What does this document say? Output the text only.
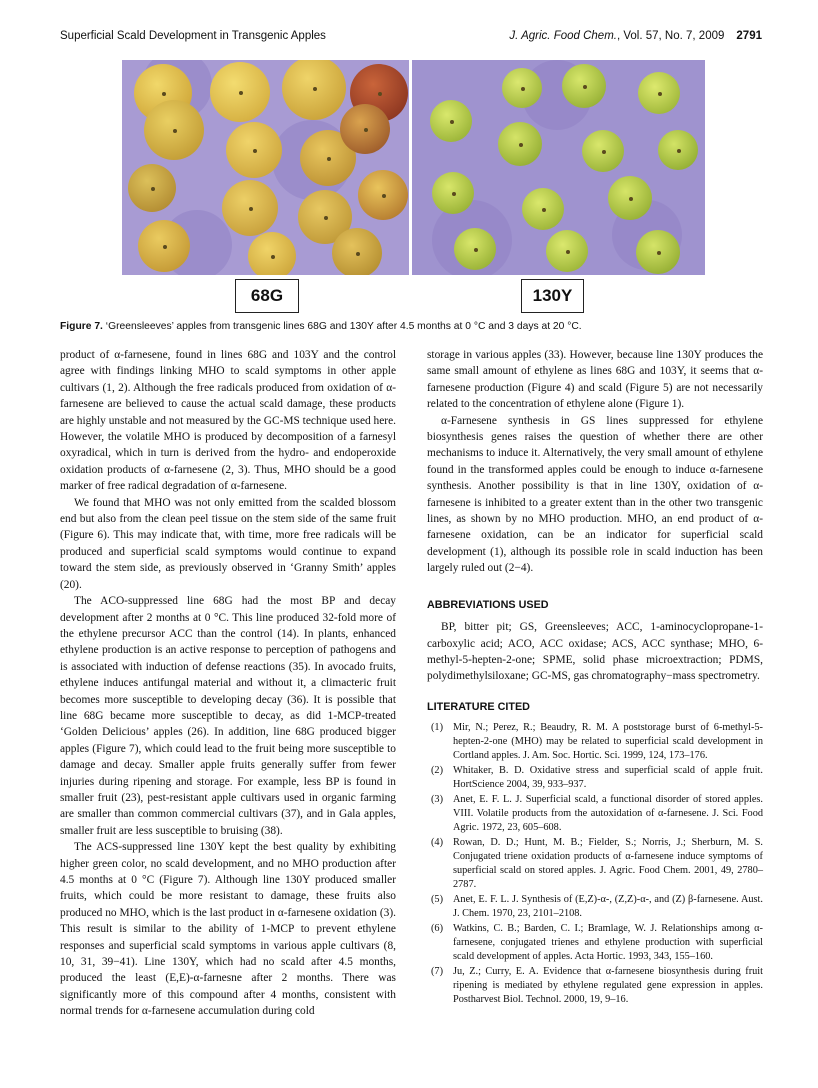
Superficial Scald Development in Transgenic Apples	J. Agric. Food Chem., Vol. 57, No. 7, 2009 2791
68G	130Y
Figure 7. ‘Greensleeves’ apples from transgenic lines 68G and 130Y after 4.5 months at 0 °C and 3 days at 20 °C.

product of α-farnesene, found in lines 68G and 103Y and the control agree with findings linking MHO to scald symptoms in other apple cultivars (1, 2). Although the free radicals produced from oxidation of α-farnesene are believed to cause the actual scald damage, these products are highly unstable and not measured by the GC-MS technique used here. However, the volatile MHO is produced by decomposition of a farnesyl oxyradical, which in turn is derived from the hydro- and endoperoxide oxidation products of α-farnesene (2, 3). Thus, MHO should be a good marker of free radical degradation of α-farnesene.

We found that MHO was not only emitted from the scalded blossom end but also from the clean peel tissue on the stem side of the same fruit (Figure 6). This may indicate that, with time, more free radicals will be produced and superficial scald symptoms would continue to expand toward the stem side, as previously observed in ‘Granny Smith’ apples (20).

The ACO-suppressed line 68G had the most BP and decay development after 2 months at 0 °C. This line produced 32-fold more of the ethylene precursor ACC than the control (14). In plants, enhanced ethylene production is an active response to perception of pathogens and is associated with induction of defense reactions (35). In avocado fruits, ethylene induces antifungal material and without it, a climacteric fruit becomes more susceptible to developing decay (36). It is possible that line 68G became more susceptible to decay, as did 1-MCP-treated ‘Golden Delicious’ apples (26). In addition, line 68G produced bigger apples (Figure 7), which could lead to the fruit being more susceptible to damage and decay. Smaller apple fruits generally suffer from fewer injuries during ripening and storage. For example, less BP is found in smaller fruit (23), pest-resistant apple cultivars used in organic farming are smaller than common commercial cultivars (37), and in Gala apples, smaller fruit are less susceptible to bruising (38).

The ACS-suppressed line 130Y kept the best quality by exhibiting higher green color, no scald development, and no MHO production after 4.5 months at 0 °C (Figure 7). Although line 130Y produced smaller fruits, which could be more resistant to damage, these fruits also produced no MHO, which is the last product in α-farnesene oxidation (3). This result is similar to the ability of 1-MCP to prevent ethylene responses and superficial scald symptoms in various apple cultivars (8, 10, 31, 39−41). Line 130Y, which had no scald after 4.5 months, produced the least (E,E)-α-farnesne after 2 months. There was significantly more of this compound after 4 months, consistent with normal trends for α-farnesene accumulation during cold

storage in various apples (33). However, because line 130Y produces the same small amount of ethylene as lines 68G and 103Y, it seems that α-farnesene production (Figure 4) and scald (Figure 5) are not necessarily related to the concentration of ethylene alone (Figure 1).

α-Farnesene synthesis in GS lines suppressed for ethylene biosynthesis genes raises the question of whether there are other mechanisms to induce it. Alternatively, the very small amount of ethylene found in the transformed apples could be enough to induce α-farnesene synthesis. Another possibility is that in line 130Y, oxidation of α-farnesene is inhibited to a greater extent than in the other two transgenic lines, as shown by no MHO production. MHO, an end product of α-farnesene oxidation, can be an indicator for superficial scald development (1), although its possible role in scald induction has been largely ruled out (2−4).

ABBREVIATIONS USED

BP, bitter pit; GS, Greensleeves; ACC, 1-aminocyclopropane-1-carboxylic acid; ACO, ACC oxidase; ACS, ACC synthase; MHO, 6-methyl-5-hepten-2-one; SPME, solid phase microextraction; PDMS, polydimethylsiloxane; GC-MS, gas chromatography−mass spectrometry.

LITERATURE CITED
(1) Mir, N.; Perez, R.; Beaudry, R. M. A poststorage burst of 6-methyl-5-hepten-2-one (MHO) may be related to superficial scald development in Cortland apples. J. Am. Soc. Hortic. Sci. 1999, 124, 173–176.
(2) Whitaker, B. D. Oxidative stress and superficial scald of apple fruit. HortScience 2004, 39, 933–937.
(3) Anet, E. F. L. J. Superficial scald, a functional disorder of stored apples. VIII. Volatile products from the autoxidation of α-farnesene. J. Sci. Food Agric. 1972, 23, 605–608.
(4) Rowan, D. D.; Hunt, M. B.; Fielder, S.; Norris, J.; Sherburn, M. S. Conjugated triene oxidation products of α-farnesene induce symptoms of superficial scald on stored apples. J. Agric. Food Chem. 2001, 49, 2780–2787.
(5) Anet, E. F. L. J. Synthesis of (E,Z)-α-, (Z,Z)-α-, and (Z) β-farnesene. Aust. J. Chem. 1970, 23, 2101–2108.
(6) Watkins, C. B.; Barden, C. I.; Bramlage, W. J. Relationships among α-farnesene, conjugated trienes and ethylene production with superficial scald development of apples. Acta Hortic. 1993, 343, 155–160.
(7) Ju, Z.; Curry, E. A. Evidence that α-farnesene biosynthesis during fruit ripening is mediated by ethylene regulated gene expression in apples. Postharvest Biol. Technol. 2000, 19, 9–16.
